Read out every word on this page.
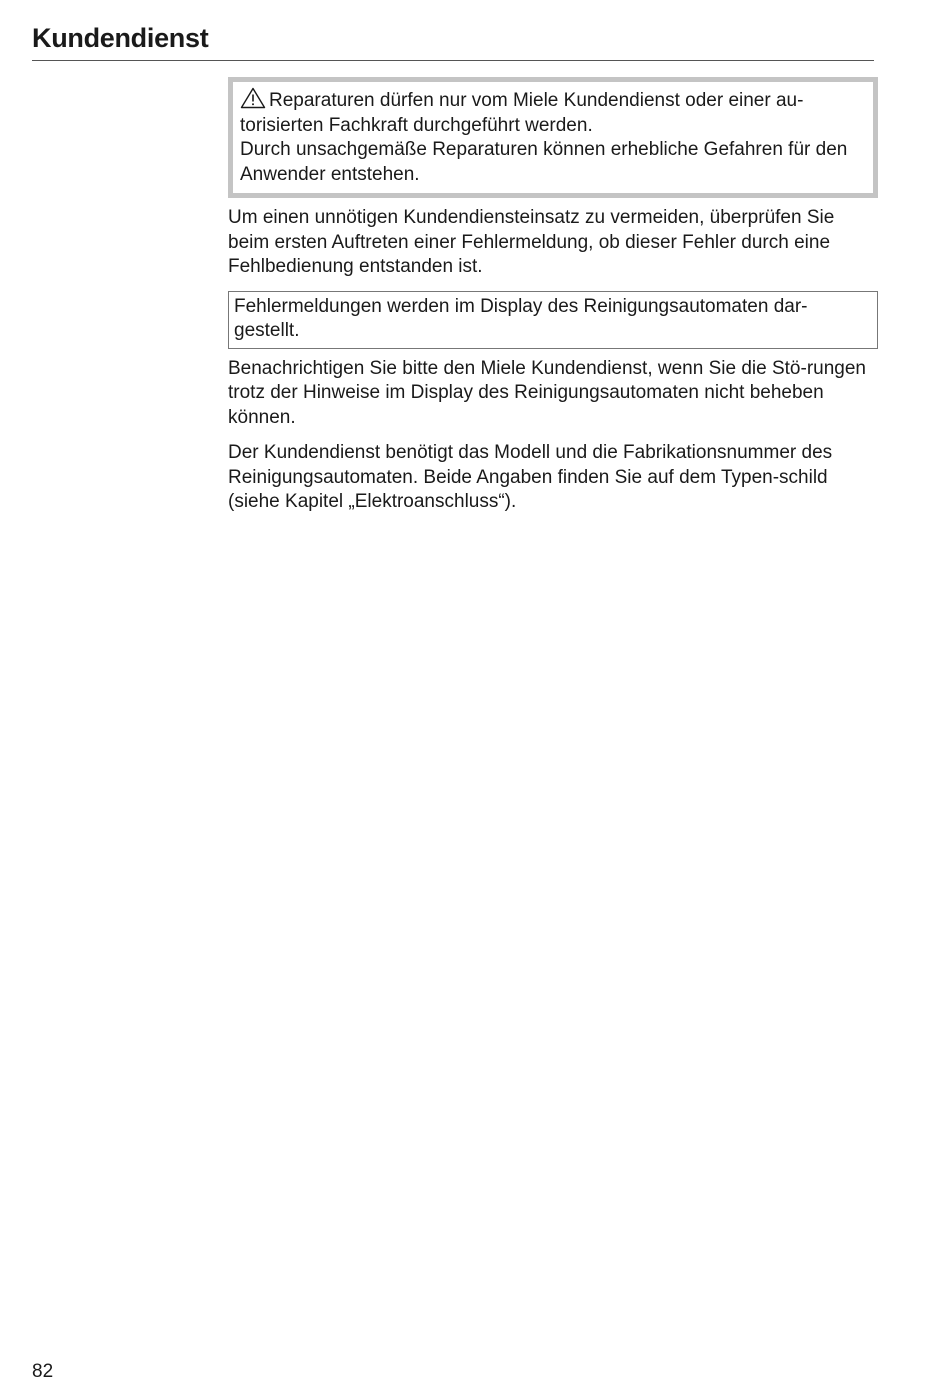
Kundendienst

Reparaturen dürfen nur vom Miele Kundendienst oder einer au-torisierten Fachkraft durchgeführt werden.

Durch unsachgemäße Reparaturen können erhebliche Gefahren für den Anwender entstehen.

Um einen unnötigen Kundendiensteinsatz zu vermeiden, überprüfen Sie beim ersten Auftreten einer Fehlermeldung, ob dieser Fehler durch eine Fehlbedienung entstanden ist.

Fehlermeldungen werden im Display des Reinigungsautomaten dar-gestellt.

Benachrichtigen Sie bitte den Miele Kundendienst, wenn Sie die Stö-rungen trotz der Hinweise im Display des Reinigungsautomaten nicht beheben können.

Der Kundendienst benötigt das Modell und die Fabrikationsnummer des Reinigungsautomaten. Beide Angaben finden Sie auf dem Typen-schild (siehe Kapitel „Elektroanschluss“).

82
